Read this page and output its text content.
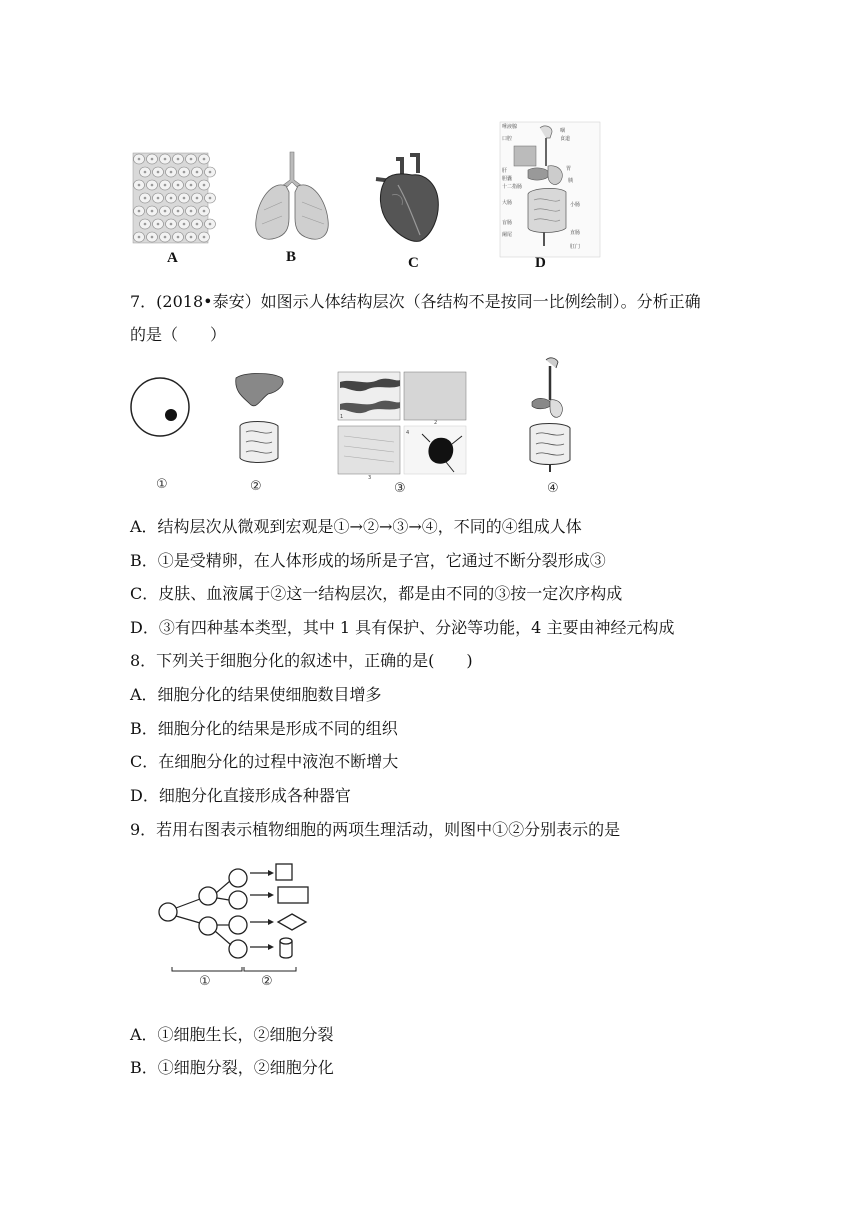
A	B	C
唾液腺
口腔
咽
食道
肝	胃
胆囊	胰
十二指肠
小肠
大肠
盲肠
阑尾
肛门
直肠
D
7．(2018•泰安）如图示人体结构层次（各结构不是按同一比例绘制）。分析正确
的是（　　）
①	②
1
2
3
4
③	④
A．结构层次从微观到宏观是①→②→③→④，不同的④组成人体
B．①是受精卵，在人体形成的场所是子宫，它通过不断分裂形成③
C．皮肤、血液属于②这一结构层次，都是由不同的③按一定次序构成
D．③有四种基本类型，其中 1 具有保护、分泌等功能，4 主要由神经元构成
8．下列关于细胞分化的叙述中，正确的是(　　)
A．细胞分化的结果使细胞数目增多
B．细胞分化的结果是形成不同的组织
C．在细胞分化的过程中液泡不断增大
D．细胞分化直接形成各种器官
9．若用右图表示植物细胞的两项生理活动，则图中①②分别表示的是
①	②
A．①细胞生长，②细胞分裂
B．①细胞分裂，②细胞分化
